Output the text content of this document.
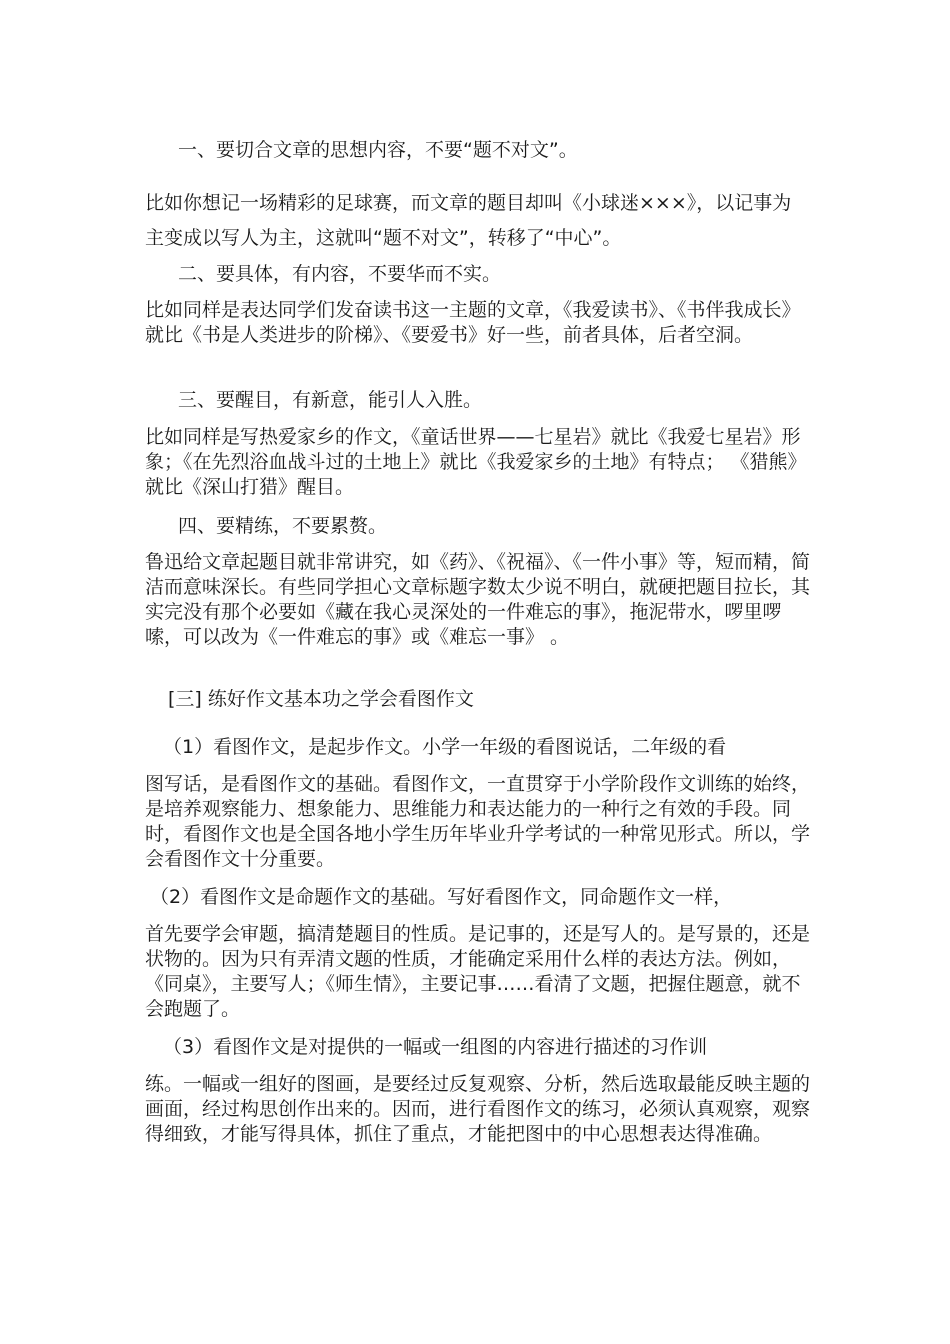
一、要切合文章的思想内容，不要“题不对文”。

比如你想记一场精彩的足球赛，而文章的题目却叫《小球迷×××》，以记事为主变成以写人为主，这就叫“题不对文”，转移了“中心”。

二、要具体，有内容，不要华而不实。

比如同样是表达同学们发奋读书这一主题的文章，《我爱读书》、《书伴我成长》就比《书是人类进步的阶梯》、《要爱书》好一些，前者具体，后者空洞。

三、要醒目，有新意，能引人入胜。

比如同样是写热爱家乡的作文，《童话世界——七星岩》就比《我爱七星岩》形象；《在先烈浴血战斗过的土地上》就比《我爱家乡的土地》有特点； 《猎熊》就比《深山打猎》醒目。

四、要精练，不要累赘。

鲁迅给文章起题目就非常讲究，如《药》、《祝福》、《一件小事》等，短而精，简洁而意味深长。有些同学担心文章标题字数太少说不明白，就硬把题目拉长，其实完没有那个必要如《藏在我心灵深处的一件难忘的事》，拖泥带水，啰里啰嗦，可以改为《一件难忘的事》或《难忘一事》 。

[三] 练好作文基本功之学会看图作文

（1）看图作文，是起步作文。小学一年级的看图说话，二年级的看

图写话，是看图作文的基础。看图作文，一直贯穿于小学阶段作文训练的始终，是培养观察能力、想象能力、思维能力和表达能力的一种行之有效的手段。同时，看图作文也是全国各地小学生历年毕业升学考试的一种常见形式。所以，学会看图作文十分重要。

（2）看图作文是命题作文的基础。写好看图作文，同命题作文一样，

首先要学会审题，搞清楚题目的性质。是记事的，还是写人的。是写景的，还是状物的。因为只有弄清文题的性质，才能确定采用什么样的表达方法。例如，《同桌》，主要写人；《师生情》，主要记事……看清了文题，把握住题意，就不会跑题了。

（3）看图作文是对提供的一幅或一组图的内容进行描述的习作训

练。一幅或一组好的图画，是要经过反复观察、分析，然后选取最能反映主题的画面，经过构思创作出来的。因而，进行看图作文的练习，必须认真观察，观察得细致，才能写得具体，抓住了重点，才能把图中的中心思想表达得准确。
